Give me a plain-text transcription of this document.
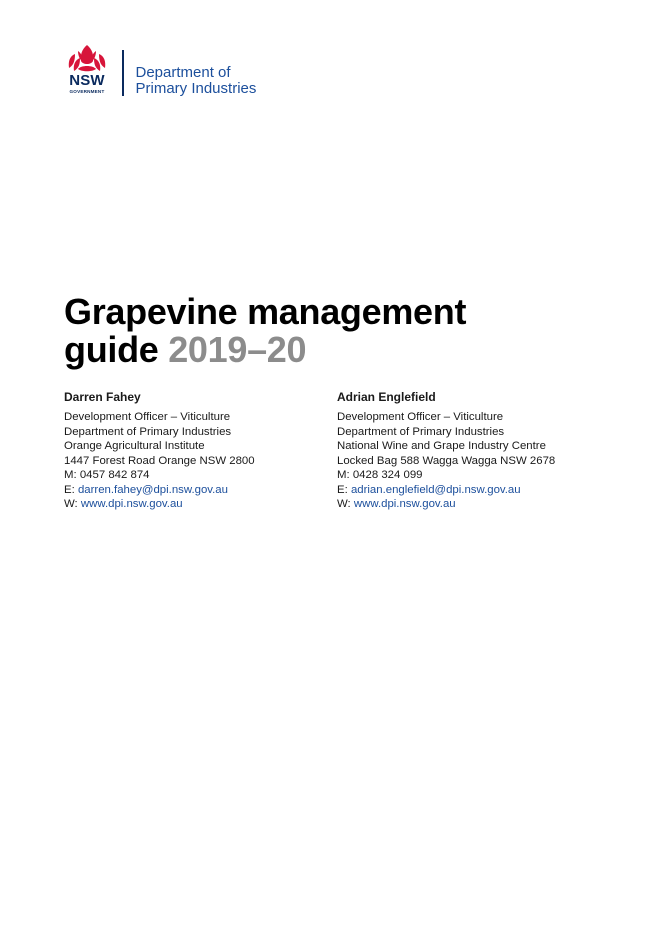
NSW
GOVERNMENT
Department of
Primary Industries
Grapevine management
guide 2019–20
Darren Fahey
Development Officer – Viticulture
Department of Primary Industries
Orange Agricultural Institute
1447 Forest Road Orange NSW 2800
M: 0457 842 874
E: darren.fahey@dpi.nsw.gov.au
W: www.dpi.nsw.gov.au
Adrian Englefield
Development Officer – Viticulture
Department of Primary Industries
National Wine and Grape Industry Centre
Locked Bag 588 Wagga Wagga NSW 2678
M: 0428 324 099
E: adrian.englefield@dpi.nsw.gov.au
W: www.dpi.nsw.gov.au
